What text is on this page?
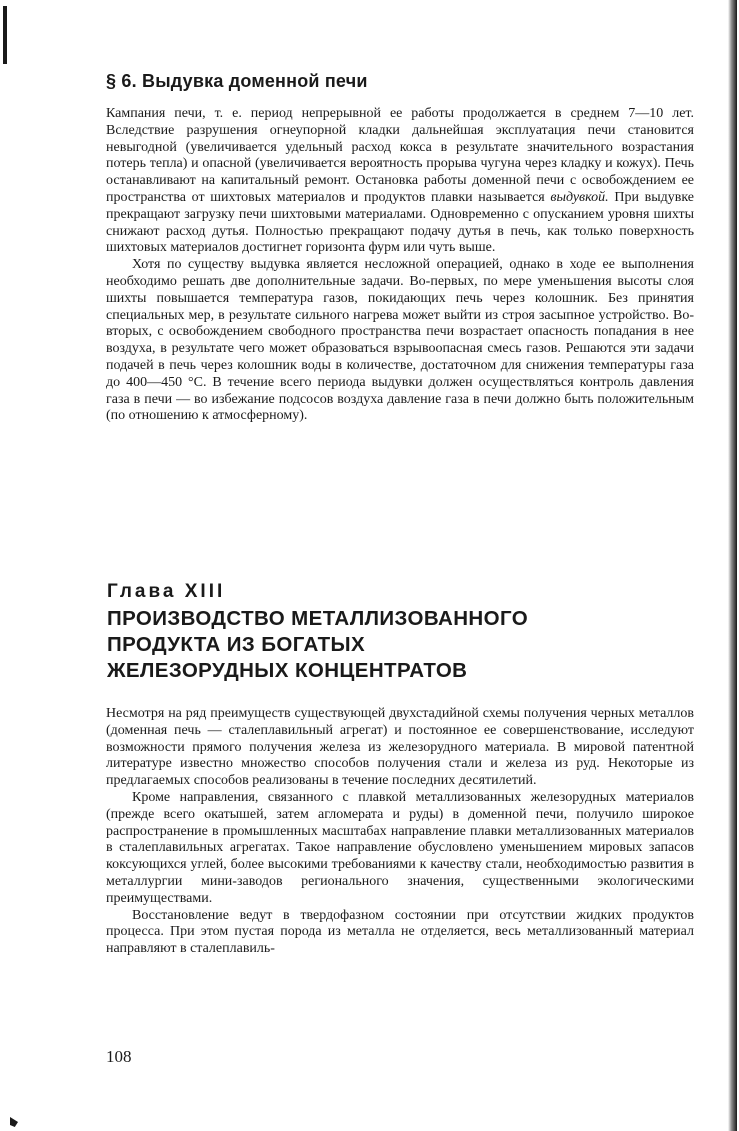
§ 6. Выдувка доменной печи

Кампания печи, т. е. период непрерывной ее работы продолжается в среднем 7—10 лет. Вследствие разрушения огнеупорной кладки дальнейшая эксплуатация печи становится невыгодной (увеличивается удельный расход кокса в результате значительного возрастания потерь тепла) и опасной (увеличивается вероятность прорыва чугуна через кладку и кожух). Печь останавливают на капитальный ремонт. Остановка работы доменной печи с освобождением ее пространства от шихтовых материалов и продуктов плавки называется выдувкой. При выдувке прекращают загрузку печи шихтовыми материалами. Одновременно с опусканием уровня шихты снижают расход дутья. Полностью прекращают подачу дутья в печь, как только поверхность шихтовых материалов достигнет горизонта фурм или чуть выше.

Хотя по существу выдувка является несложной операцией, однако в ходе ее выполнения необходимо решать две дополнительные задачи. Во-первых, по мере уменьшения высоты слоя шихты повышается температура газов, покидающих печь через колошник. Без принятия специальных мер, в результате сильного нагрева может выйти из строя засыпное устройство. Во-вторых, с освобождением свободного пространства печи возрастает опасность попадания в нее воздуха, в результате чего может образоваться взрывоопасная смесь газов. Решаются эти задачи подачей в печь через колошник воды в количестве, достаточном для снижения температуры газа до 400—450 °С. В течение всего периода выдувки должен осуществляться контроль давления газа в печи — во избежание подсосов воздуха давление газа в печи должно быть положительным (по отношению к атмосферному).

Глава XIII
ПРОИЗВОДСТВО МЕТАЛЛИЗОВАННОГО
ПРОДУКТА ИЗ БОГАТЫХ
ЖЕЛЕЗОРУДНЫХ КОНЦЕНТРАТОВ

Несмотря на ряд преимуществ существующей двухстадийной схемы получения черных металлов (доменная печь — сталеплавильный агрегат) и постоянное ее совершенствование, исследуют возможности прямого получения железа из железорудного материала. В мировой патентной литературе известно множество способов получения стали и железа из руд. Некоторые из предлагаемых способов реализованы в течение последних десятилетий.

Кроме направления, связанного с плавкой металлизованных железорудных материалов (прежде всего окатышей, затем агломерата и руды) в доменной печи, получило широкое распространение в промышленных масштабах направление плавки металлизованных материалов в сталеплавильных агрегатах. Такое направление обусловлено уменьшением мировых запасов коксующихся углей, более высокими требованиями к качеству стали, необходимостью развития в металлургии мини-заводов регионального значения, существенными экологическими преимуществами.

Восстановление ведут в твердофазном состоянии при отсутствии жидких продуктов процесса. При этом пустая порода из металла не отделяется, весь металлизованный материал направляют в сталеплавиль-

108
